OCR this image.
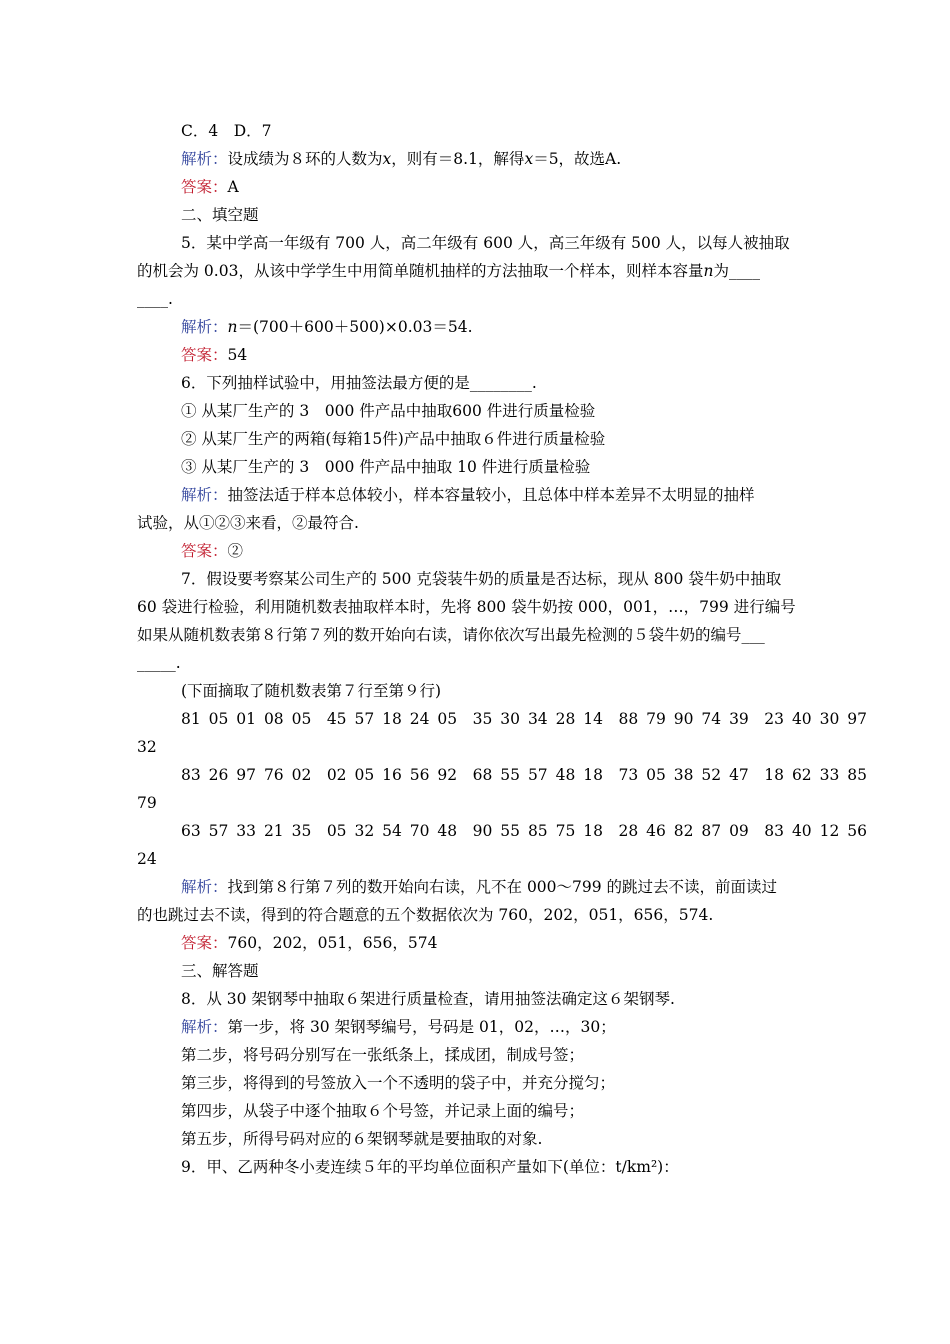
C．4　D．7
解析：设成绩为８环的人数为x，则有＝8.1，解得x＝5，故选A.
答案：A
二、填空题
5．某中学高一年级有 700 人，高二年级有 600 人，高三年级有 500 人，以每人被抽取
的机会为 0.03，从该中学学生中用简单随机抽样的方法抽取一个样本，则样本容量n为____
____.
解析：n＝(700＋600＋500)×0.03＝54.
答案：54
6．下列抽样试验中，用抽签法最方便的是________.
① 从某厂生产的 3　000 件产品中抽取600 件进行质量检验
② 从某厂生产的两箱(每箱15件)产品中抽取６件进行质量检验
③ 从某厂生产的 3　000 件产品中抽取 10 件进行质量检验
解析：抽签法适于样本总体较小，样本容量较小，且总体中样本差异不太明显的抽样
试验，从①②③来看，②最符合.
答案：②
7．假设要考察某公司生产的 500 克袋装牛奶的质量是否达标，现从 800 袋牛奶中抽取
60 袋进行检验，利用随机数表抽取样本时，先将 800 袋牛奶按 000，001，…，799 进行编号
如果从随机数表第８行第７列的数开始向右读，请你依次写出最先检测的５袋牛奶的编号___
_____.
(下面摘取了随机数表第７行至第９行)
81 05 01 08 05　45 57 18 24 05　35 30 34 28 14　88 79 90 74 39　23 40 30 97
32
83 26 97 76 02　02 05 16 56 92　68 55 57 48 18　73 05 38 52 47　18 62 33 85
79
63 57 33 21 35　05 32 54 70 48　90 55 85 75 18　28 46 82 87 09　83 40 12 56
24
解析：找到第８行第７列的数开始向右读，凡不在 000～799 的跳过去不读，前面读过
的也跳过去不读，得到的符合题意的五个数据依次为 760，202，051，656，574.
答案：760，202，051，656，574
三、解答题
8．从 30 架钢琴中抽取６架进行质量检查，请用抽签法确定这６架钢琴.
解析：第一步，将 30 架钢琴编号，号码是 01，02，…，30；
第二步，将号码分别写在一张纸条上，揉成团，制成号签；
第三步，将得到的号签放入一个不透明的袋子中，并充分搅匀；
第四步，从袋子中逐个抽取６个号签，并记录上面的编号；
第五步，所得号码对应的６架钢琴就是要抽取的对象.
9．甲、乙两种冬小麦连续５年的平均单位面积产量如下(单位：t/km²)：
